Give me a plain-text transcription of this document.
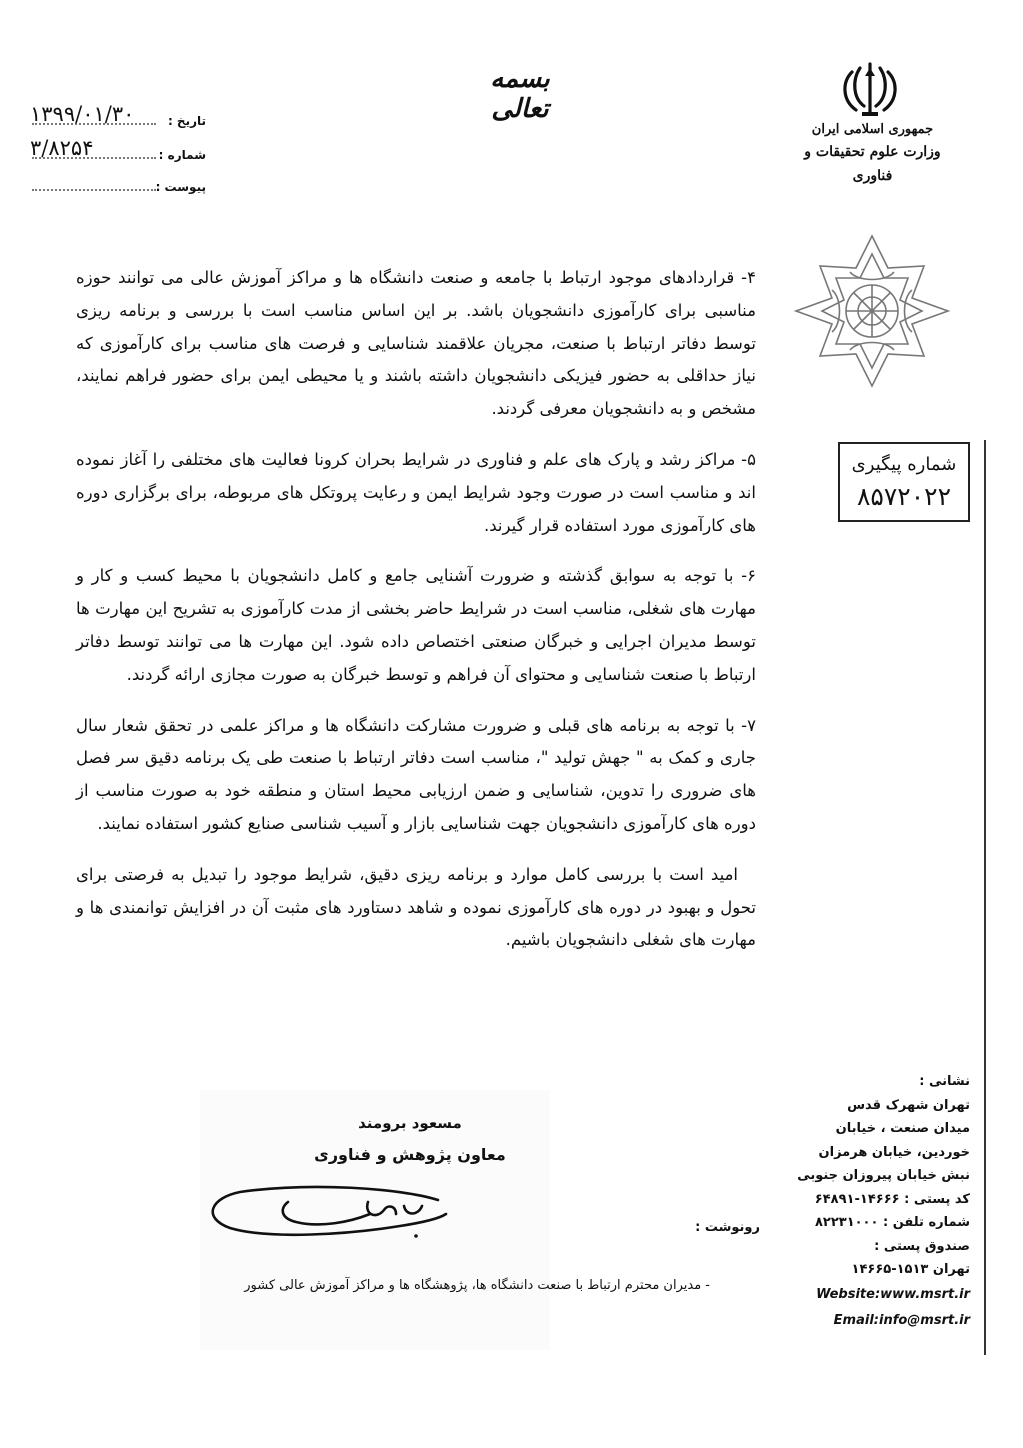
جمهوری اسلامی ایران
وزارت علوم تحقیقات و فناوری
بسمه تعالی
تاریخ :
۱۳۹۹/۰۱/۳۰
شماره :
۳/۸۲۵۴
پیوست :
شماره پیگیری
۸۵۷۲۰۲۲

۴- قراردادهای موجود ارتباط با جامعه و صنعت دانشگاه ها و مراکز آموزش عالی می توانند حوزه مناسبی برای کارآموزی دانشجویان باشد. بر این اساس مناسب است با بررسی و برنامه ریزی توسط دفاتر ارتباط با صنعت، مجریان علاقمند شناسایی و فرصت های مناسب برای کارآموزی که نیاز حداقلی به حضور فیزیکی دانشجویان داشته باشند و یا محیطی ایمن برای حضور فراهم نمایند، مشخص و به دانشجویان معرفی گردند.

۵- مراکز رشد و پارک های علم و فناوری در شرایط بحران کرونا فعالیت های مختلفی را آغاز نموده اند و مناسب است در صورت وجود شرایط ایمن و رعایت پروتکل های مربوطه، برای برگزاری دوره های کارآموزی مورد استفاده قرار گیرند.

۶- با توجه به سوابق گذشته و ضرورت آشنایی جامع و کامل دانشجویان با محیط کسب و کار و مهارت های شغلی، مناسب است در شرایط حاضر بخشی از مدت کارآموزی به تشریح این مهارت ها توسط مدیران اجرایی و خبرگان صنعتی اختصاص داده شود. این مهارت ها می توانند توسط دفاتر ارتباط با صنعت شناسایی و محتوای آن فراهم و توسط خبرگان به صورت مجازی ارائه گردند.

۷- با توجه به برنامه های قبلی و ضرورت مشارکت دانشگاه ها و مراکز علمی در تحقق شعار سال جاری و کمک به " جهش تولید "، مناسب است دفاتر ارتباط با صنعت طی یک برنامه دقیق سر فصل های ضروری را تدوین، شناسایی و ضمن ارزیابی محیط استان و منطقه خود به صورت مناسب از دوره های کارآموزی دانشجویان جهت شناسایی بازار و آسیب شناسی صنایع کشور استفاده نمایند.

امید است با بررسی کامل موارد و برنامه ریزی دقیق، شرایط موجود را تبدیل به فرصتی برای تحول و بهبود در دوره های کارآموزی نموده و شاهد دستاورد های مثبت آن در افزایش توانمندی ها و مهارت های شغلی دانشجویان باشیم.

مسعود برومند
معاون پژوهش و فناوری
رونوشت :
- مدیران محترم ارتباط با صنعت دانشگاه ها، پژوهشگاه ها و مراکز آموزش عالی کشور
نشانی :
تهران شهرک قدس
میدان صنعت ، خیابان
خوردین، خیابان هرمزان
نبش خیابان پیروزان جنوبی
کد پستی : ۱۴۶۶۶-۶۴۸۹۱
شماره تلفن : ۸۲۲۳۱۰۰۰
صندوق پستی :
تهران ۱۵۱۳-۱۴۶۶۵
Website:www.msrt.ir
Email:info@msrt.ir
